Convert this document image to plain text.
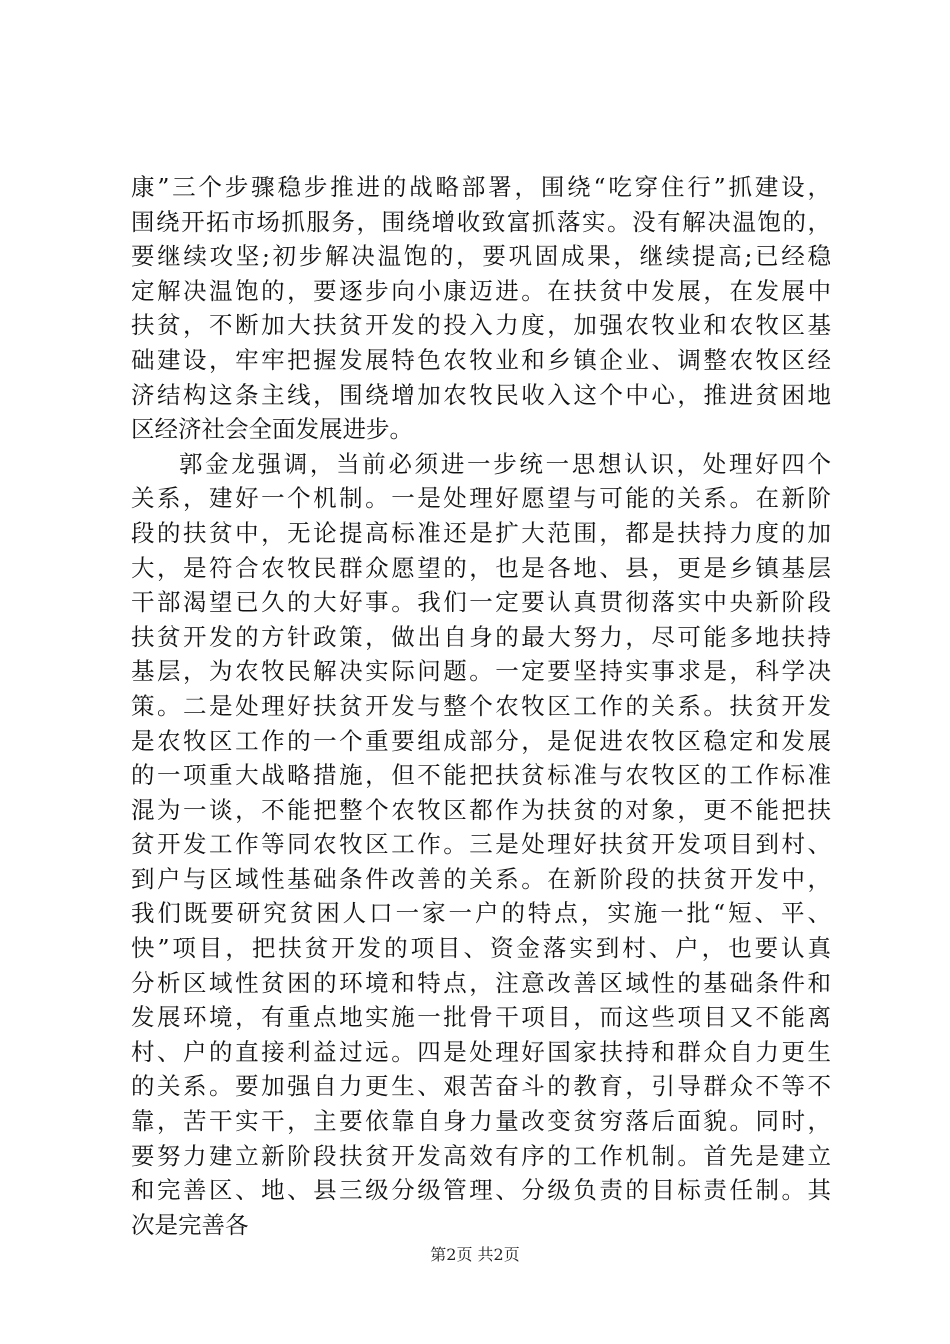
康”三个步骤稳步推进的战略部署，围绕“吃穿住行”抓建设，
围绕开拓市场抓服务，围绕增收致富抓落实。没有解决温饱的，
要继续攻坚;初步解决温饱的，要巩固成果，继续提高;已经稳
定解决温饱的，要逐步向小康迈进。在扶贫中发展，在发展中
扶贫，不断加大扶贫开发的投入力度，加强农牧业和农牧区基
础建设，牢牢把握发展特色农牧业和乡镇企业、调整农牧区经
济结构这条主线，围绕增加农牧民收入这个中心，推进贫困地
区经济社会全面发展进步。
郭金龙强调，当前必须进一步统一思想认识，处理好四个
关系，建好一个机制。一是处理好愿望与可能的关系。在新阶
段的扶贫中，无论提高标准还是扩大范围，都是扶持力度的加
大，是符合农牧民群众愿望的，也是各地、县，更是乡镇基层
干部渴望已久的大好事。我们一定要认真贯彻落实中央新阶段
扶贫开发的方针政策，做出自身的最大努力，尽可能多地扶持
基层，为农牧民解决实际问题。一定要坚持实事求是，科学决
策。二是处理好扶贫开发与整个农牧区工作的关系。扶贫开发
是农牧区工作的一个重要组成部分，是促进农牧区稳定和发展
的一项重大战略措施，但不能把扶贫标准与农牧区的工作标准
混为一谈，不能把整个农牧区都作为扶贫的对象，更不能把扶
贫开发工作等同农牧区工作。三是处理好扶贫开发项目到村、
到户与区域性基础条件改善的关系。在新阶段的扶贫开发中，
我们既要研究贫困人口一家一户的特点，实施一批“短、平、
快”项目，把扶贫开发的项目、资金落实到村、户，也要认真
分析区域性贫困的环境和特点，注意改善区域性的基础条件和
发展环境，有重点地实施一批骨干项目，而这些项目又不能离
村、户的直接利益过远。四是处理好国家扶持和群众自力更生
的关系。要加强自力更生、艰苦奋斗的教育，引导群众不等不
靠，苦干实干，主要依靠自身力量改变贫穷落后面貌。同时，
要努力建立新阶段扶贫开发高效有序的工作机制。首先是建立
和完善区、地、县三级分级管理、分级负责的目标责任制。其
次是完善各
第2页 共2页
